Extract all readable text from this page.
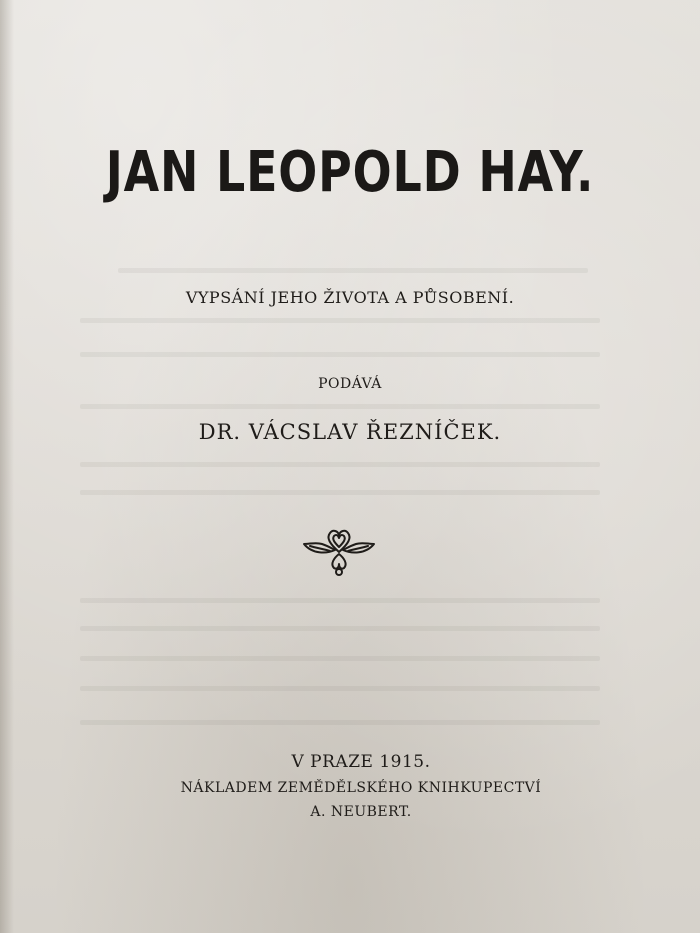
JAN LEOPOLD HAY.
VYPSÁNÍ JEHO ŽIVOTA A PŮSOBENÍ.
PODÁVÁ
DR. VÁCSLAV ŘEZNÍČEK.
V PRAZE 1915.
NÁKLADEM ZEMĚDĚLSKÉHO KNIHKUPECTVÍ
A. NEUBERT.
